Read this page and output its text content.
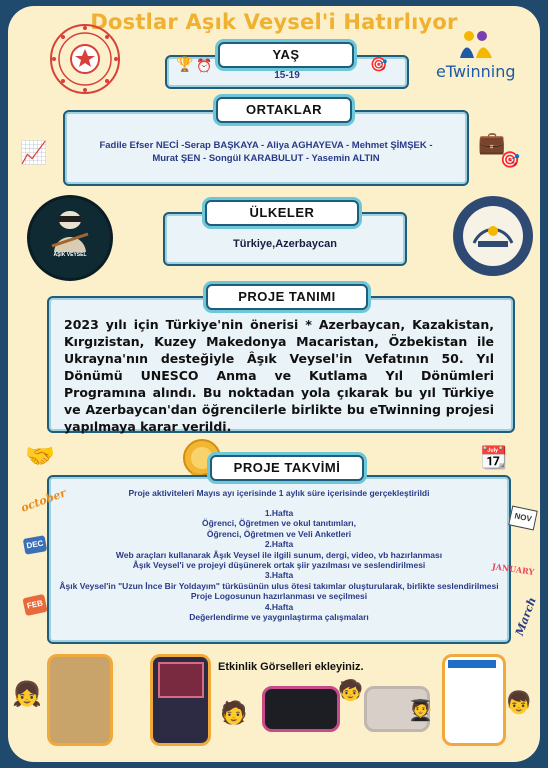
Dostlar Aşık Veysel'i Hatırlıyor
eTwinning
YAŞ
15-19
🏆 ⏰	🎯
ORTAKLAR
Fadile Efser NECİ -Serap BAŞKAYA - Aliya AGHAYEVA - Mehmet ŞİMŞEK -
Murat ŞEN - Songül KARABULUT - Yasemin ALTIN
📈	💼
🎯
ÜLKELER
Türkiye,Azerbaycan
AŞIK VEYSEL
PROJE TANIMI
2023 yılı için Türkiye'nin önerisi * Azerbaycan, Kazakistan, Kırgızistan, Kuzey Makedonya Macaristan, Özbekistan ile Ukrayna'nın desteğiyle Âşık Veysel'in Vefatının 50. Yıl Dönümü UNESCO Anma ve Kutlama Yıl Dönümleri Programına alındı. Bu noktadan yola çıkarak bu yıl Türkiye ve Azerbaycan'dan öğrencilerle birlikte bu eTwinning projesi yapılmaya karar verildi.
🤝	📆
PROJE TAKVİMİ
Proje aktiviteleri Mayıs ayı içerisinde 1 aylık süre içerisinde gerçekleştirildi
1.Hafta
Öğrenci, Öğretmen ve okul tanıtımları,
Öğrenci, Öğretmen ve Veli Anketleri
2.Hafta
Web araçları kullanarak Âşık Veysel ile ilgili sunum, dergi, video, vb hazırlanması
Âşık Veysel'i ve projeyi düşünerek ortak şiir yazılması ve seslendirilmesi
3.Hafta
Âşık Veysel'in "Uzun İnce Bir Yoldayım" türküsünün ulus ötesi takımlar oluşturularak, birlikte seslendirilmesi
Proje Logosunun hazırlanması ve seçilmesi
4.Hafta
Değerlendirme ve yaygınlaştırma çalışmaları
october
DEC
NOV
JANUARY
FEB	March
Etkinlik Görselleri ekleyiniz.
👧
🧑
🧒
🧑‍🎓	👦
